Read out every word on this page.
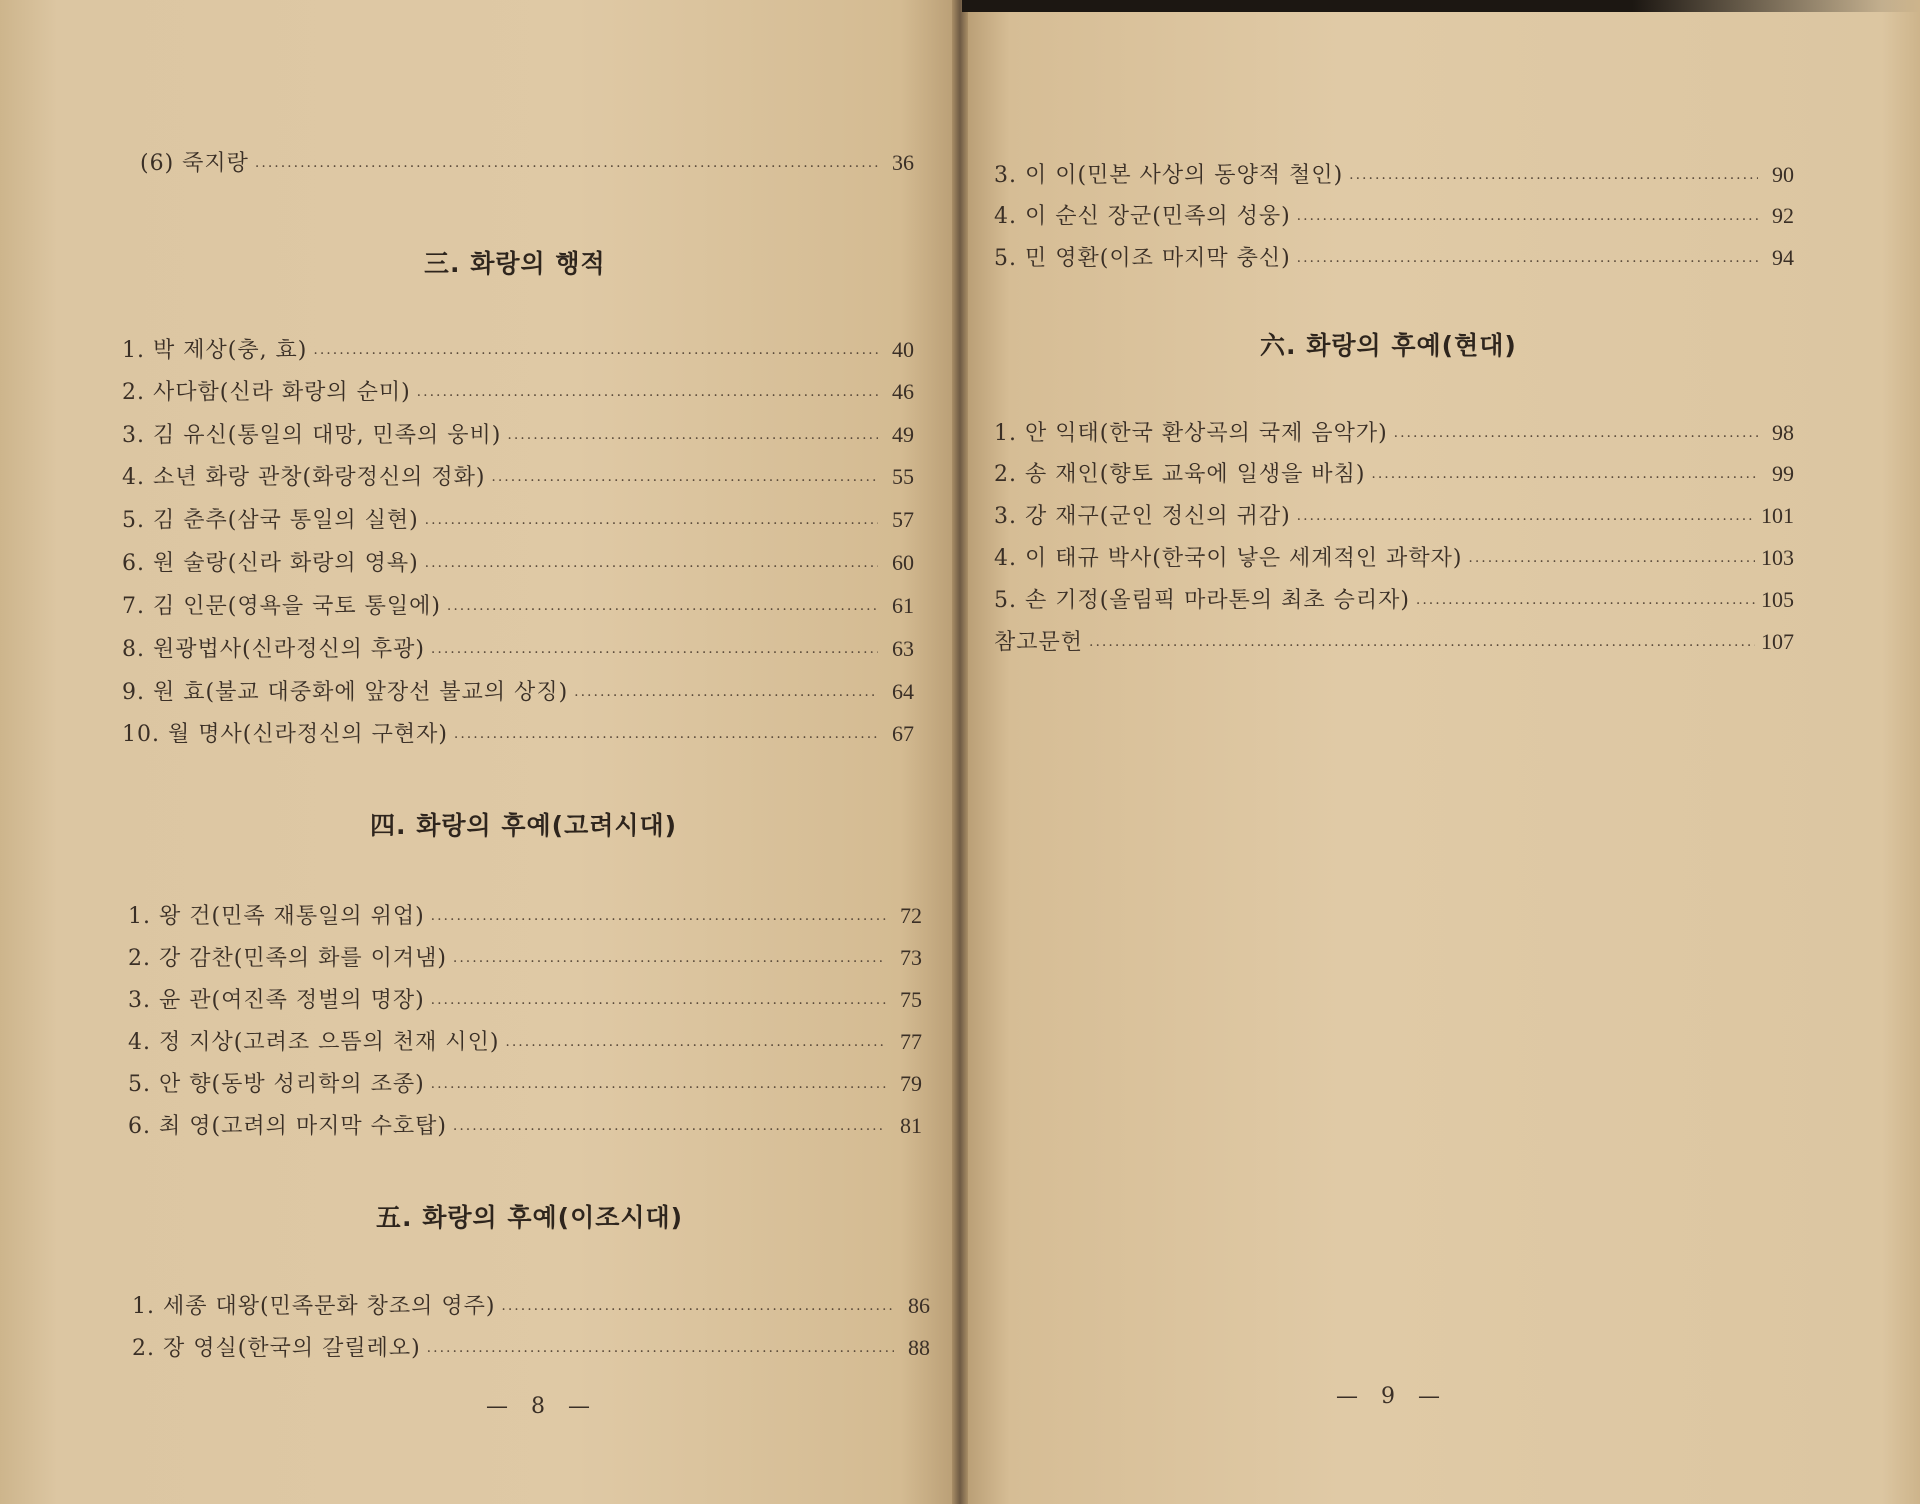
(6) 죽지랑 .....	36
三. 화랑의 행적
1. 박 제상(충, 효) .....	40
2. 사다함(신라 화랑의 순미) .....	46
3. 김 유신(통일의 대망, 민족의 웅비) .....	49
4. 소년 화랑 관창(화랑정신의 정화) .....	55
5. 김 춘추(삼국 통일의 실현) .....	57
6. 원 술랑(신라 화랑의 영욕) .....	60
7. 김 인문(영욕을 국토 통일에) .....	61
8. 원광법사(신라정신의 후광) .....	63
9. 원 효(불교 대중화에 앞장선 불교의 상징) .....	64
10. 월 명사(신라정신의 구현자) .....	67
四. 화랑의 후예(고려시대)
1. 왕 건(민족 재통일의 위업) .....	72
2. 강 감찬(민족의 화를 이겨냄) .....	73
3. 윤 관(여진족 정벌의 명장) .....	75
4. 정 지상(고려조 으뜸의 천재 시인) .....	77
5. 안 향(동방 성리학의 조종) .....	79
6. 최 영(고려의 마지막 수호탑) .....	81
五. 화랑의 후예(이조시대)
1. 세종 대왕(민족문화 창조의 영주) .....	86
2. 장 영실(한국의 갈릴레오) .....	88
— 8 —
3. 이 이(민본 사상의 동양적 철인) .....	90
4. 이 순신 장군(민족의 성웅) .....	92
5. 민 영환(이조 마지막 충신) .....	94
六. 화랑의 후예(현대)
1. 안 익태(한국 환상곡의 국제 음악가) .....	98
2. 송 재인(향토 교육에 일생을 바침) .....	99
3. 강 재구(군인 정신의 귀감) .....	101
4. 이 태규 박사(한국이 낳은 세계적인 과학자) .....	103
5. 손 기정(올림픽 마라톤의 최초 승리자) .....	105
참고문헌 .....	107
— 9 —
